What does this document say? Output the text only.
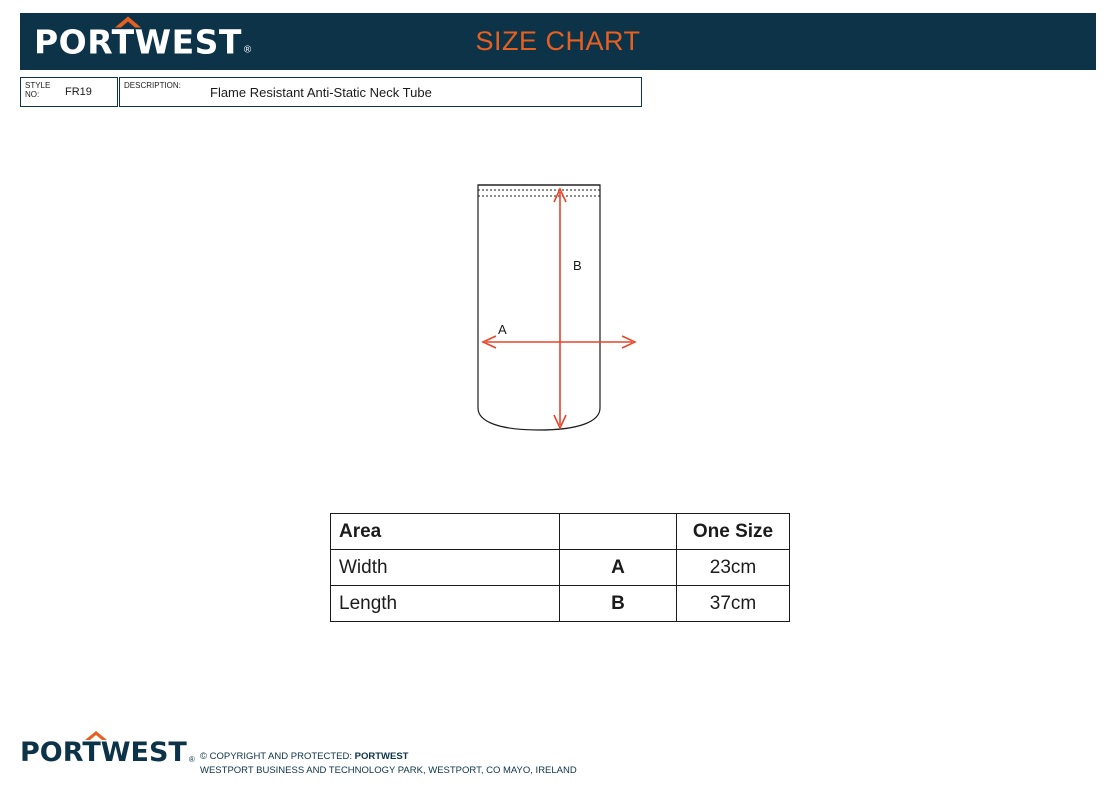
PORTWEST ®	SIZE CHART
STYLE
NO:	FR19
DESCRIPTION: Flame Resistant Anti-Static Neck Tube
B
A
Area		One Size
Width	A	23cm
Length	B	37cm
PORTWEST ® © COPYRIGHT AND PROTECTED: PORTWEST
WESTPORT BUSINESS AND TECHNOLOGY PARK, WESTPORT, CO MAYO, IRELAND
